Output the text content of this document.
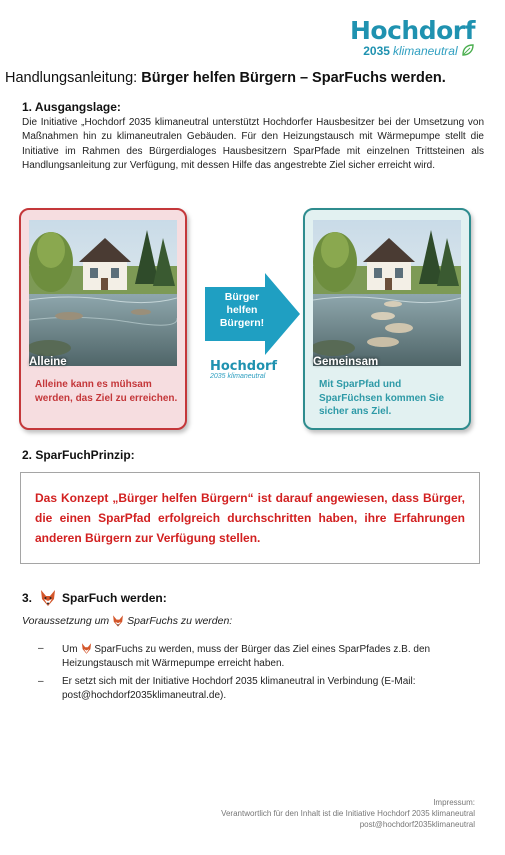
Hochdorf
2035 klimaneutral
Handlungsanleitung: Bürger helfen Bürgern – SparFuchs werden.
1. Ausgangslage:
Die Initiative „Hochdorf 2035 klimaneutral unterstützt Hochdorfer Hausbesitzer bei der Umsetzung von Maßnahmen hin zu klimaneutralen Gebäuden. Für den Heizungstausch mit Wärmepumpe stellt die Initiative im Rahmen des Bürgerdialoges Hausbesitzern SparPfade mit einzelnen Trittsteinen als Handlungsanleitung zur Verfügung, mit dessen Hilfe das angestrebte Ziel sicher erreicht wird.
Alleine
Alleine kann es mühsam werden, das Ziel zu erreichen.
Bürger
helfen
Bürgern!
Hochdorf
2035 klimaneutral
Gemeinsam
Mit SparPfad und SparFüchsen kommen Sie sicher ans Ziel.
2. SparFuchPrinzip:
Das Konzept „Bürger helfen Bürgern“ ist darauf angewiesen, dass Bürger, die einen SparPfad erfolgreich durchschritten haben, ihre Erfahrungen anderen Bürgern zur Verfügung stellen.
3.	SparFuch werden:
Voraussetzung um SparFuchs zu werden:
–	Um SparFuchs zu werden, muss der Bürger das Ziel eines SparPfades z.B. den Heizungstausch mit Wärmepumpe erreicht haben.
–	Er setzt sich mit der Initiative Hochdorf 2035 klimaneutral in Verbindung (E-Mail: post@hochdorf2035klimaneutral.de).
Impressum:
Verantwortlich für den Inhalt ist die Initiative Hochdorf 2035 klimaneutral
post@hochdorf2035klimaneutral
